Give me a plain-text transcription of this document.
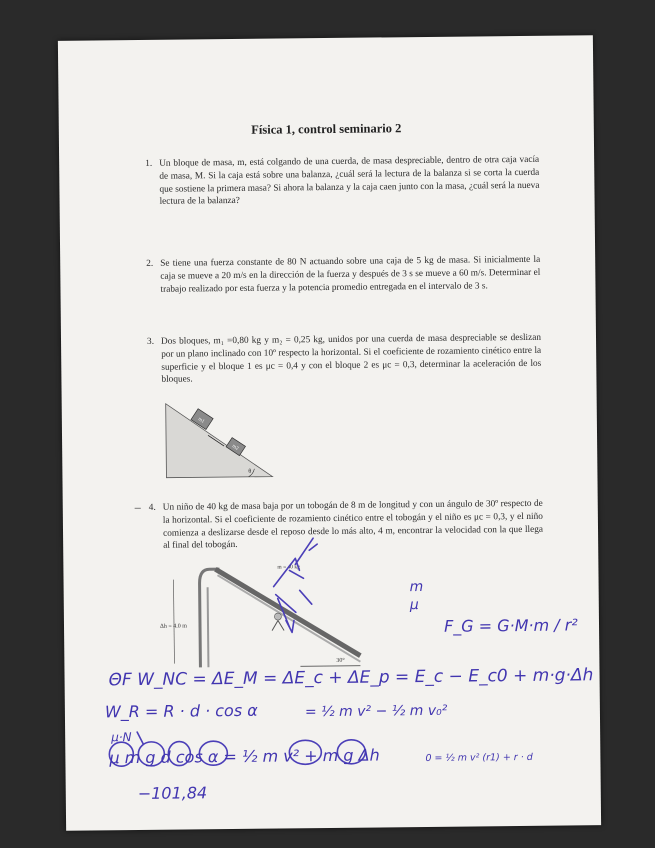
Física 1, control seminario 2
1. Un bloque de masa, m, está colgando de una cuerda, de masa despreciable, dentro de otra caja vacía de masa, M. Si la caja está sobre una balanza, ¿cuál será la lectura de la balanza si se corta la cuerda que sostiene la primera masa? Si ahora la balanza y la caja caen junto con la masa, ¿cuál será la nueva lectura de la balanza?
2. Se tiene una fuerza constante de 80 N actuando sobre una caja de 5 kg de masa. Si inicialmente la caja se mueve a 20 m/s en la dirección de la fuerza y después de 3 s se mueve a 60 m/s. Determinar el trabajo realizado por esta fuerza y la potencia promedio entregada en el intervalo de 3 s.
3. Dos bloques, m₁ =0,80 kg y m₂ = 0,25 kg, unidos por una cuerda de masa despreciable se deslizan por un plano inclinado con 10º respecto la horizontal. Si el coeficiente de rozamiento cinético entre la superficie y el bloque 1 es μc = 0,4 y con el bloque 2 es μc = 0,3, determinar la aceleración de los bloques.
m1
m2
θ
– 4. Un niño de 40 kg de masa baja por un tobogán de 8 m de longitud y con un ángulo de 30º respecto de la horizontal. Si el coeficiente de rozamiento cinético entre el tobogán y el niño es μc = 0,3, y el niño comienza a deslizarse desde el reposo desde lo más alto, 4 m, encontrar la velocidad con la que llega al final del tobogán.
Δh = 4.0 m
m = 40 kg
30°
ΘF W_NC = ΔE_M = ΔE_c + ΔE_p = E_c − E_c0 + m·g·Δh
W_R = R · d · cos α	= ½ m v² − ½ m v₀²
μ·N
μ m g d cos α = ½ m v² + m g Δh	0 = ½ m v² (r1) + r · d
−101,84
m
μ
F_G = G·M·m / r²
